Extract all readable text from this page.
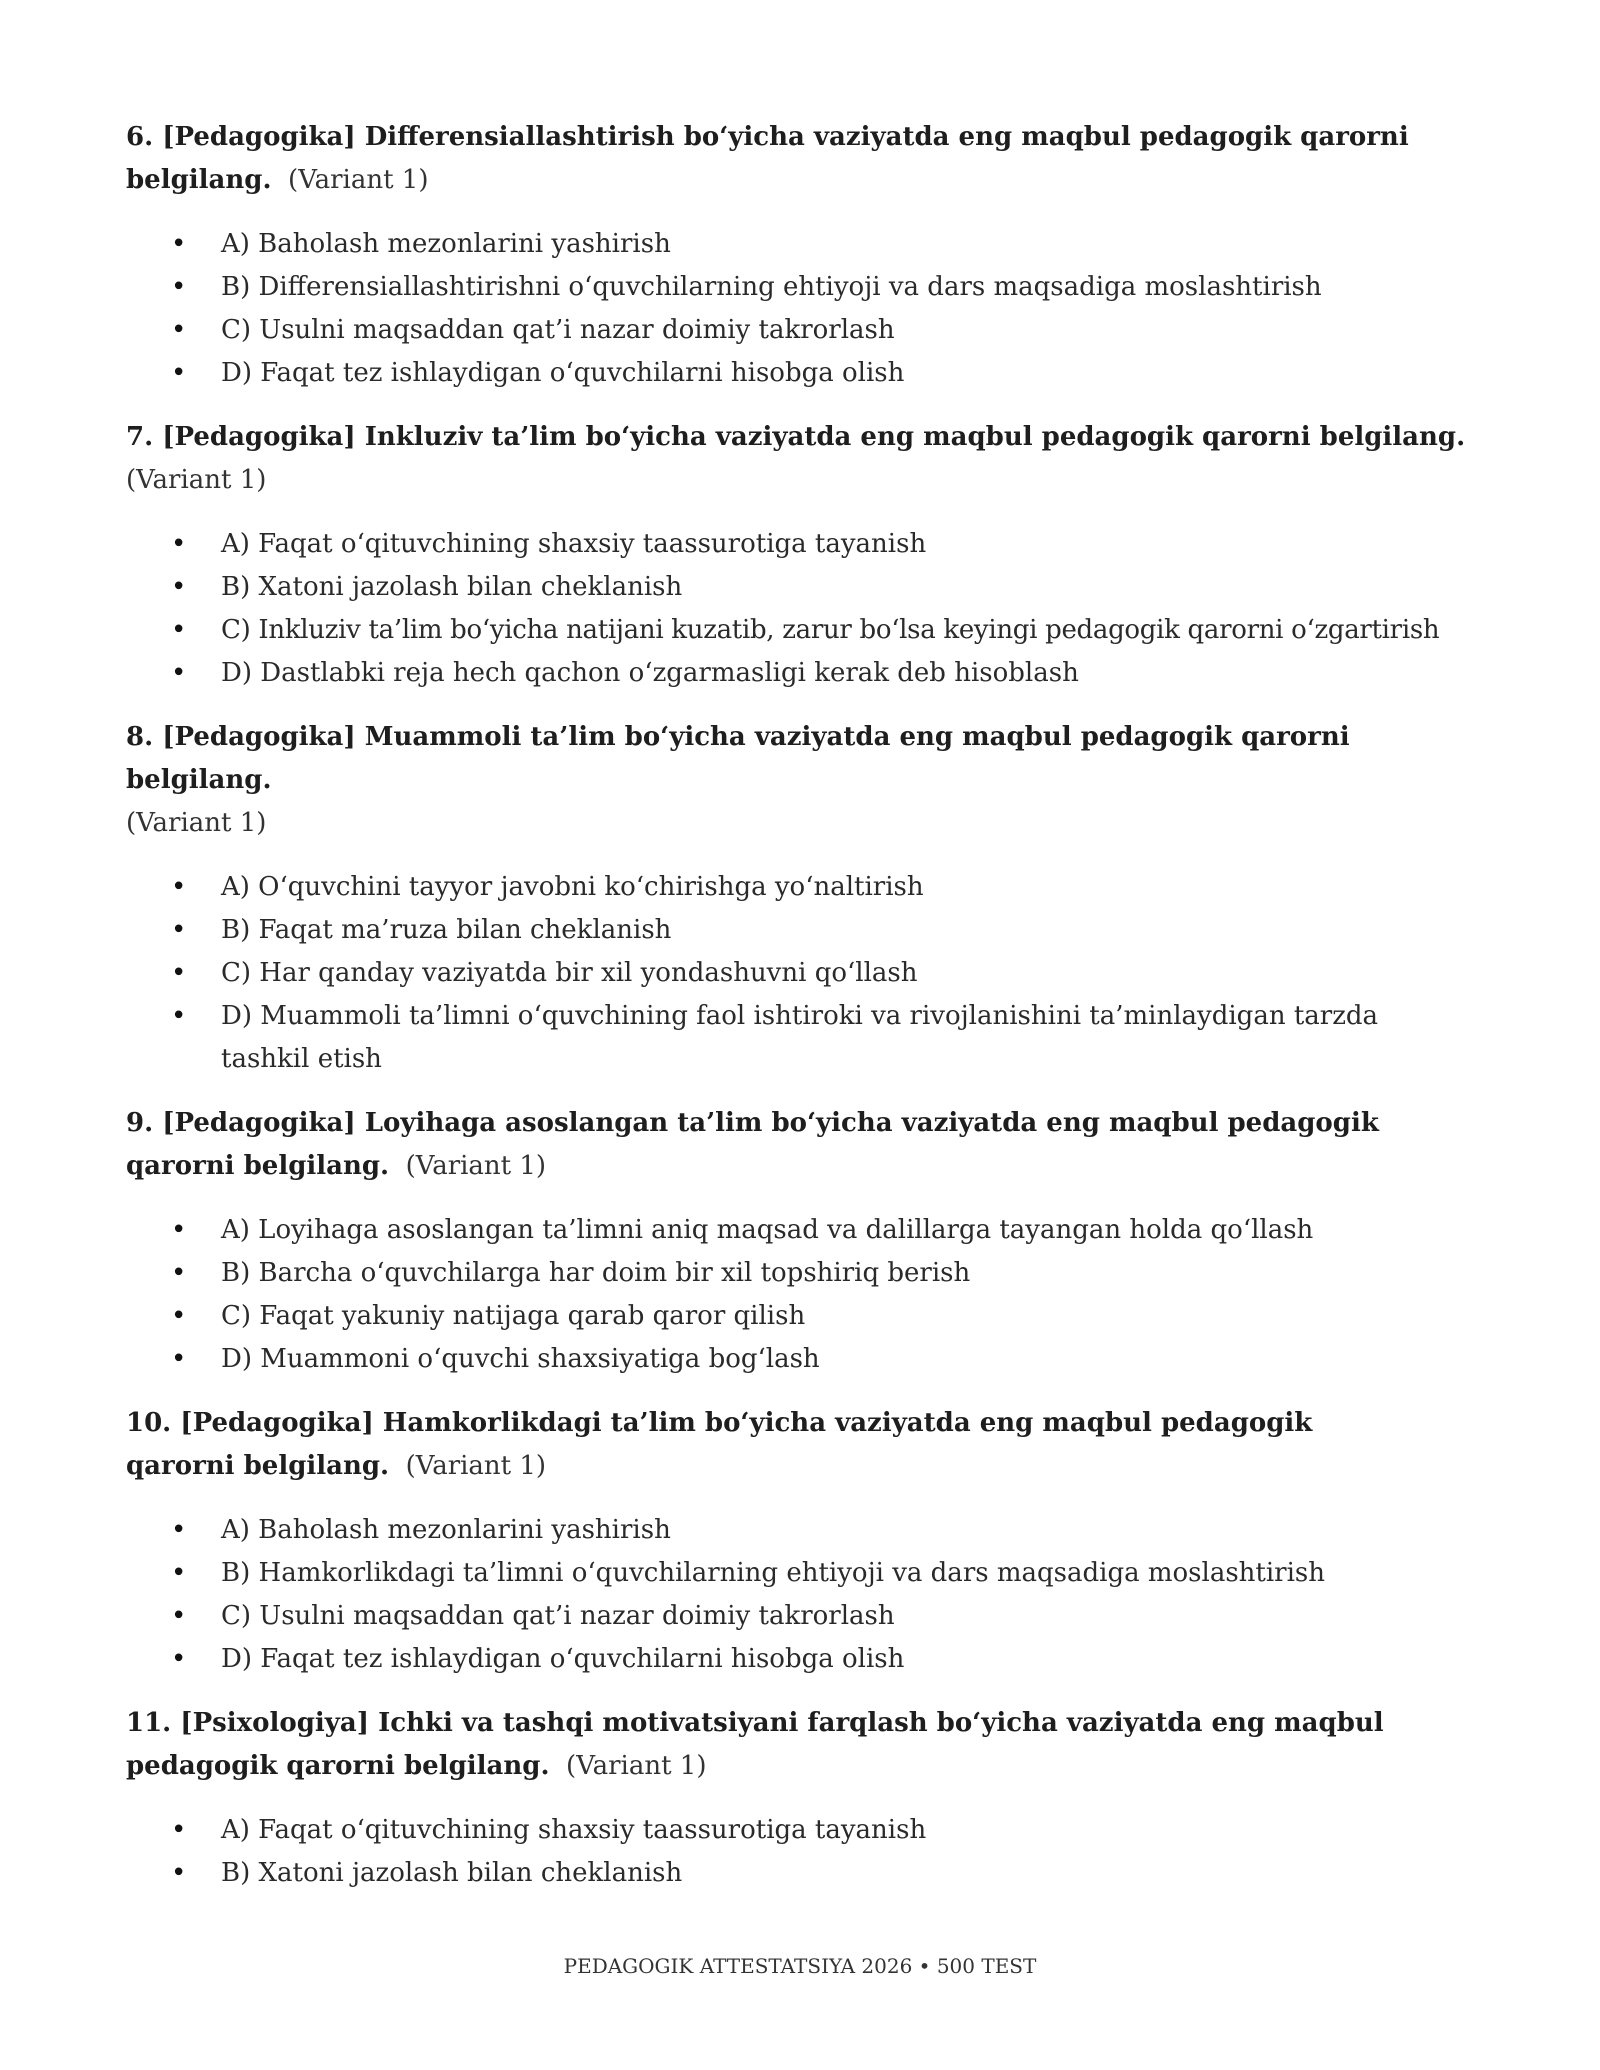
6. [Pedagogika] Differensiallashtirish bo‘yicha vaziyatda eng maqbul pedagogik qarorni belgilang. (Variant 1)

• A) Baholash mezonlarini yashirish
• B) Differensiallashtirishni o‘quvchilarning ehtiyoji va dars maqsadiga moslashtirish
• C) Usulni maqsaddan qat’i nazar doimiy takrorlash
• D) Faqat tez ishlaydigan o‘quvchilarni hisobga olish

7. [Pedagogika] Inkluziv ta’lim bo‘yicha vaziyatda eng maqbul pedagogik qarorni belgilang.
(Variant 1)

• A) Faqat o‘qituvchining shaxsiy taassurotiga tayanish
• B) Xatoni jazolash bilan cheklanish
• C) Inkluziv ta’lim bo‘yicha natijani kuzatib, zarur bo‘lsa keyingi pedagogik qarorni o‘zgartirish
• D) Dastlabki reja hech qachon o‘zgarmasligi kerak deb hisoblash

8. [Pedagogika] Muammoli ta’lim bo‘yicha vaziyatda eng maqbul pedagogik qarorni belgilang.
(Variant 1)

• A) O‘quvchini tayyor javobni ko‘chirishga yo‘naltirish
• B) Faqat ma’ruza bilan cheklanish
• C) Har qanday vaziyatda bir xil yondashuvni qo‘llash
• D) Muammoli ta’limni o‘quvchining faol ishtiroki va rivojlanishini ta’minlaydigan tarzda tashkil etish

9. [Pedagogika] Loyihaga asoslangan ta’lim bo‘yicha vaziyatda eng maqbul pedagogik qarorni belgilang. (Variant 1)

• A) Loyihaga asoslangan ta’limni aniq maqsad va dalillarga tayangan holda qo‘llash
• B) Barcha o‘quvchilarga har doim bir xil topshiriq berish
• C) Faqat yakuniy natijaga qarab qaror qilish
• D) Muammoni o‘quvchi shaxsiyatiga bog‘lash

10. [Pedagogika] Hamkorlikdagi ta’lim bo‘yicha vaziyatda eng maqbul pedagogik qarorni belgilang. (Variant 1)

• A) Baholash mezonlarini yashirish
• B) Hamkorlikdagi ta’limni o‘quvchilarning ehtiyoji va dars maqsadiga moslashtirish
• C) Usulni maqsaddan qat’i nazar doimiy takrorlash
• D) Faqat tez ishlaydigan o‘quvchilarni hisobga olish

11. [Psixologiya] Ichki va tashqi motivatsiyani farqlash bo‘yicha vaziyatda eng maqbul pedagogik qarorni belgilang. (Variant 1)

• A) Faqat o‘qituvchining shaxsiy taassurotiga tayanish
• B) Xatoni jazolash bilan cheklanish
PEDAGOGIK ATTESTATSIYA 2026 • 500 TEST
